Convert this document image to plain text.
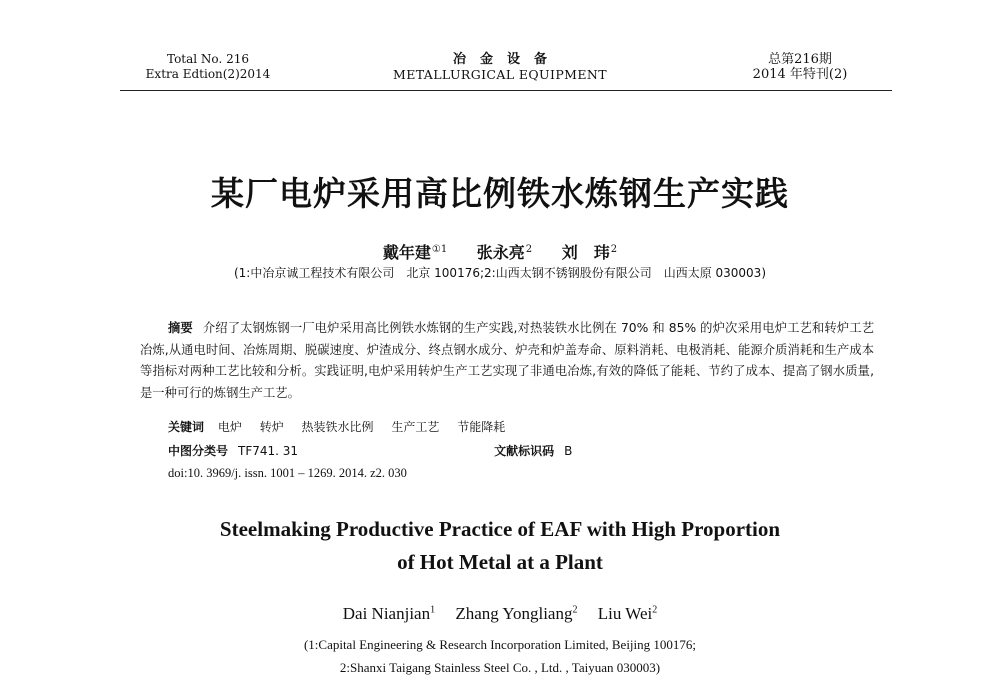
Total No. 216
Extra Edtion(2)2014
冶金设备
METALLURGICAL EQUIPMENT
总第216期
2014 年特刊(2)
某厂电炉采用高比例铁水炼钢生产实践
戴年建$^{①1}$ 张永亮$^2$ 刘　玮$^2$
(1:中冶京诚工程技术有限公司　北京 100176;2:山西太钢不锈钢股份有限公司　山西太原 030003)
摘要 介绍了太钢炼钢一厂电炉采用高比例铁水炼钢的生产实践,对热装铁水比例在 70% 和 85% 的炉次采用电炉工艺和转炉工艺冶炼,从通电时间、冶炼周期、脱碳速度、炉渣成分、终点钢水成分、炉壳和炉盖寿命、原料消耗、电极消耗、能源介质消耗和生产成本等指标对两种工艺比较和分析。实践证明,电炉采用转炉生产工艺实现了非通电冶炼,有效的降低了能耗、节约了成本、提高了钢水质量,是一种可行的炼钢生产工艺。
关键词 电炉 转炉 热装铁水比例 生产工艺 节能降耗
中图分类号 TF741. 31	文献标识码 B
doi:10. 3969/j. issn. 1001 – 1269. 2014. z2. 030
Steelmaking Productive Practice of EAF with High Proportion
of Hot Metal at a Plant
Dai Nianjian$^1$ Zhang Yongliang$^2$ Liu Wei$^2$
(1:Capital Engineering & Research Incorporation Limited, Beijing 100176;
2:Shanxi Taigang Stainless Steel Co. , Ltd. , Taiyuan 030003)
